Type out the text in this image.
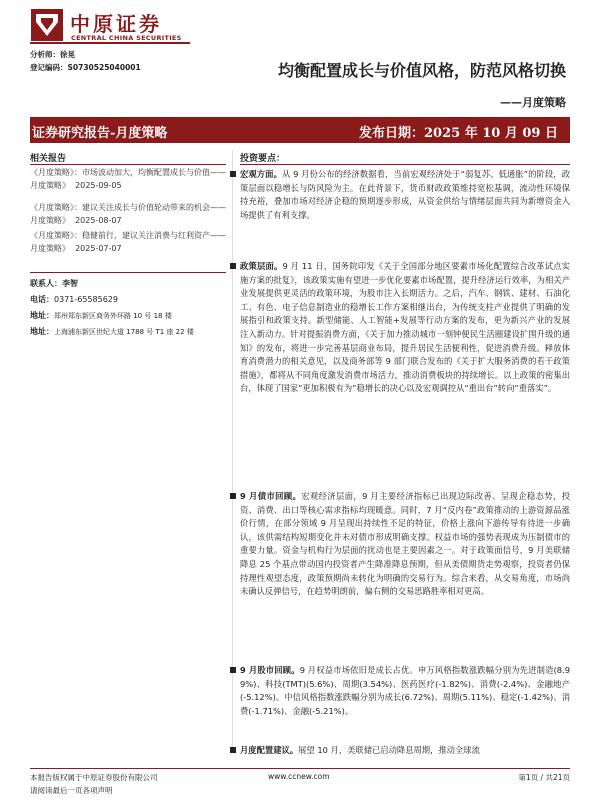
中原证券
CENTRAL CHINA SECURITIES
分析师：徐晃
登记编码：S0730525040001	均衡配置成长与价值风格，防范风格切换
——月度策略
证券研究报告-月度策略	发布日期：2025 年 10 月 09 日
相关报告
《月度策略》：市场波动加大，均衡配置成长与价值——月度策略》 2025-09-05
《月度策略》：建议关注成长与价值轮动带来的机会——月度策略》 2025-08-07
《月度策略》：稳健前行，建议关注消费与红利资产——月度策略》 2025-07-07
联系人：李智
电话：0371-65585629
地址：郑州郑东新区商务外环路 10 号 18 楼
地址：上海浦东新区世纪大道 1788 号 T1 座 22 楼
投资要点：

宏观方面。从 9 月份公布的经济数据看，当前宏观经济处于“弱复苏、低通胀”的阶段，政策层面以稳增长与防风险为主。在此背景下，货币财政政策维持宽松基调，流动性环境保持充裕，叠加市场对经济企稳的预期逐步形成，从资金供给与情绪层面共同为新增资金入场提供了有利支撑。

政策层面。9 月 11 日，国务院印发《关于全国部分地区要素市场化配置综合改革试点实施方案的批复》，该政策实施有望进一步优化要素市场配置，提升经济运行效率，为相关产业发展提供更灵活的政策环境，为股市注入长期活力。之后，汽车、钢铁、建材、石油化工、有色、电子信息制造业的稳增长工作方案相继出台，为传统支柱产业提供了明确的发展指引和政策支持。新型储能、人工智能+发展等行动方案的发布，更为新兴产业的发展注入新动力。针对提振消费方面，《关于加力推动城市一刻钟便民生活圈建设扩围升级的通知》的发布，将进一步完善基层商业布局，提升居民生活便利性，促进消费升级。释放体育消费潜力的相关意见，以及商务部等 9 部门联合发布的《关于扩大服务消费的若干政策措施》，都将从不同角度激发消费市场活力，推动消费板块的持续增长。以上政策的密集出台，体现了国家“更加积极有为”稳增长的决心以及宏观调控从“重出台”转向“重落实”。

9 月债市回顾。宏观经济层面，9 月主要经济指标已出现边际改善、呈现企稳态势，投资、消费、出口等核心需求指标均现暖意。同时，7 月“反内卷”政策推动的上游资源品涨价行情，在部分领域 9 月呈现出持续性不足的特征，价格上涨向下游传导有待进一步确认，该供需结构短期变化并未对债市形成明确支撑。权益市场的强势表现成为压制债市的重要力量。资金与机构行为层面的扰动也是主要因素之一。对于政策面信号，9 月美联储降息 25 个基点带动国内投资者产生降准降息预期，但从美债期货走势观察，投资者仍保持理性观望态度，政策预期尚未转化为明确的交易行为。综合来看，从交易角度，市场尚未确认反弹信号，在趋势明朗前，偏右侧的交易思路胜率相对更高。

9 月股市回顾。9 月权益市场依旧是成长占优。申万风格指数涨跌幅分别为先进制造(8.99%)、科技(TMT)(5.6%)、周期(3.54%)、医药医疗(-1.82%)、消费(-2.4%)、金融地产(-5.12%)。中信风格指数涨跌幅分别为成长(6.72%)、周期(5.11%)、稳定(-1.42%)、消费(-1.71%)、金融(-5.21%)。

月度配置建议。展望 10 月，美联储已启动降息周期，推动全球流

本报告版权属于中原证券股份有限公司
请阅读最后一页各项声明
www.ccnew.com	第1页 / 共21页
